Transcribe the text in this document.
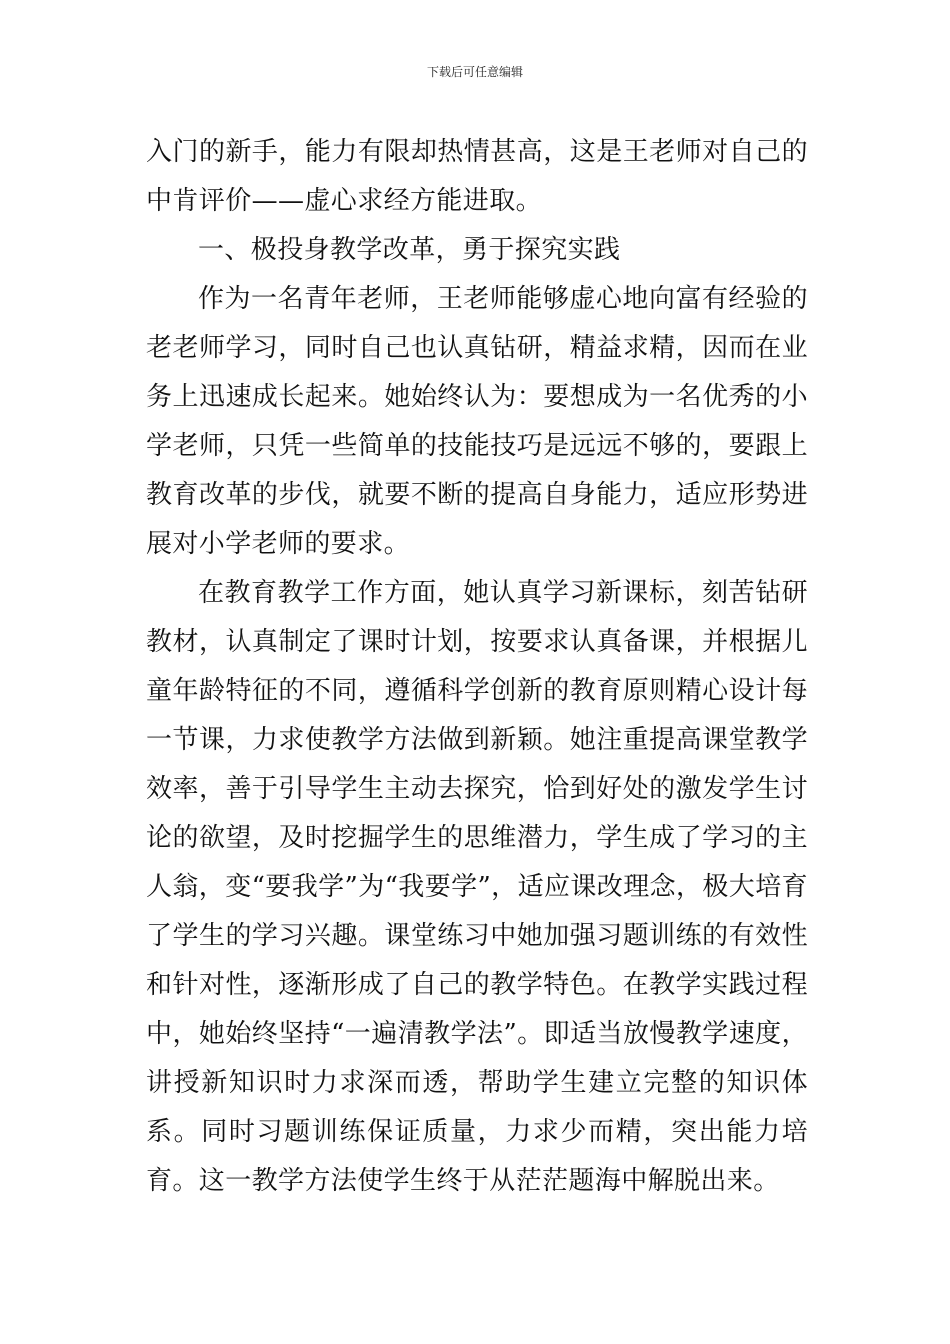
下载后可任意编辑

入门的新手，能力有限却热情甚高，这是王老师对自己的中肯评价——虚心求经方能进取。

一、极投身教学改革，勇于探究实践

作为一名青年老师，王老师能够虚心地向富有经验的老老师学习，同时自己也认真钻研，精益求精，因而在业务上迅速成长起来。她始终认为：要想成为一名优秀的小学老师，只凭一些简单的技能技巧是远远不够的，要跟上教育改革的步伐，就要不断的提高自身能力，适应形势进展对小学老师的要求。

在教育教学工作方面，她认真学习新课标，刻苦钻研教材，认真制定了课时计划，按要求认真备课，并根据儿童年龄特征的不同，遵循科学创新的教育原则精心设计每一节课，力求使教学方法做到新颖。她注重提高课堂教学效率，善于引导学生主动去探究，恰到好处的激发学生讨论的欲望，及时挖掘学生的思维潜力，学生成了学习的主人翁，变“要我学”为“我要学”，适应课改理念，极大培育了学生的学习兴趣。课堂练习中她加强习题训练的有效性和针对性，逐渐形成了自己的教学特色。在教学实践过程中，她始终坚持“一遍清教学法”。即适当放慢教学速度，讲授新知识时力求深而透，帮助学生建立完整的知识体系。同时习题训练保证质量，力求少而精，突出能力培育。这一教学方法使学生终于从茫茫题海中解脱出来。
